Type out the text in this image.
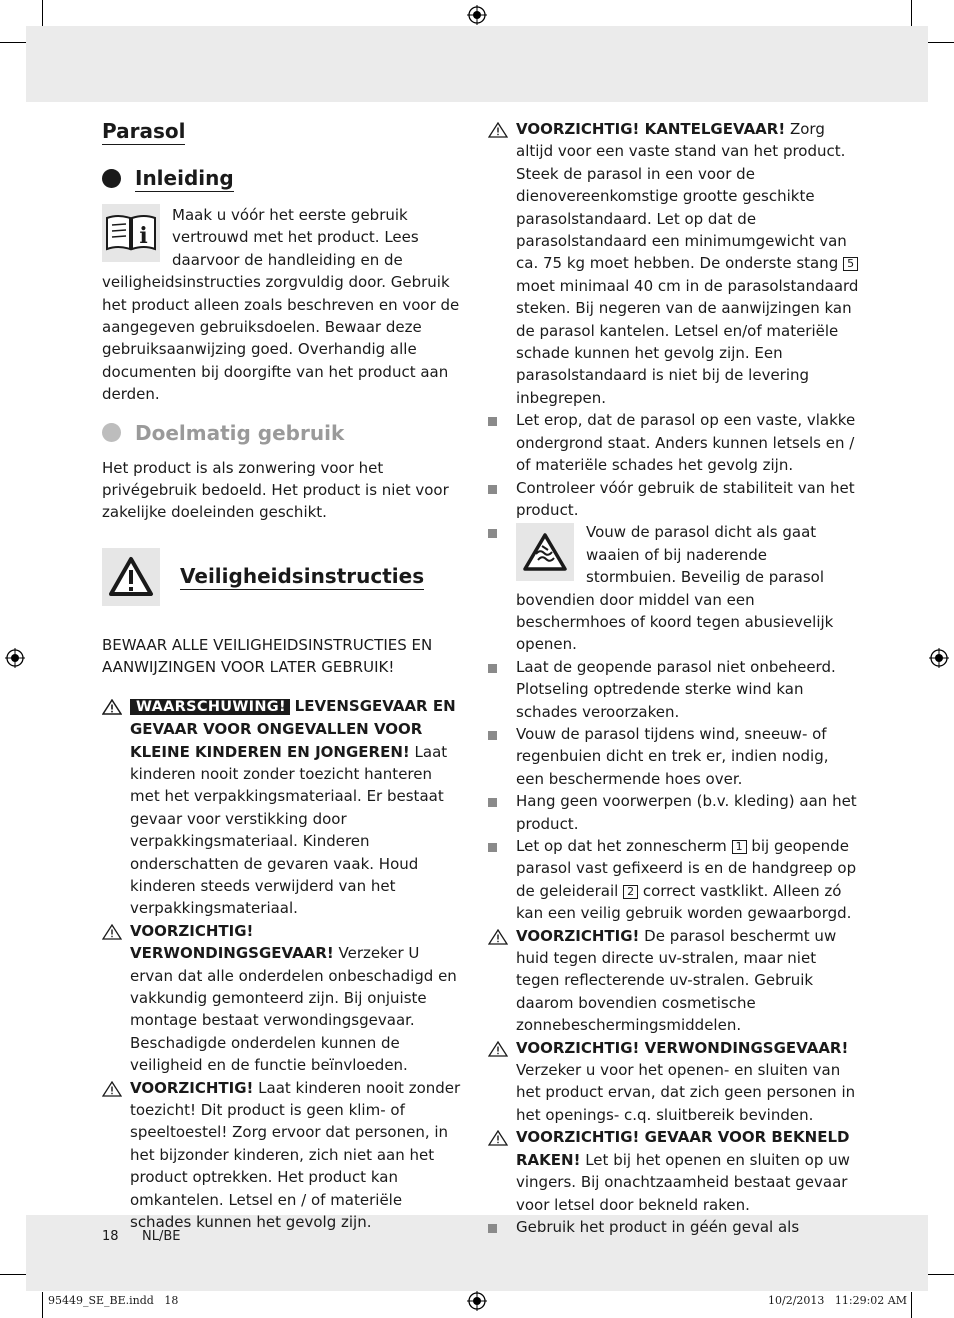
Parasol
Inleiding
i

Maak u vóór het eerste gebruik vertrouwd met het product. Lees daarvoor de handleiding en de veiligheidsinstructies zorgvuldig door. Gebruik het product alleen zoals beschreven en voor de aangegeven gebruiksdoelen. Bewaar deze gebruiksaanwijzing goed. Overhandig alle documenten bij doorgifte van het product aan derden.

Doelmatig gebruik

Het product is als zonwering voor het privégebruik bedoeld. Het product is niet voor zakelijke doeleinden geschikt.

Veiligheidsinstructies

BEWAAR ALLE VEILIGHEIDSINSTRUCTIES EN AANWIJZINGEN VOOR LATER GEBRUIK!

WAARSCHUWING! LEVENSGEVAAR EN GEVAAR VOOR ONGEVALLEN VOOR KLEINE KINDEREN EN JONGEREN! Laat kinderen nooit zonder toezicht hanteren met het verpakkingsmateriaal. Er bestaat gevaar voor verstikking door verpakkingsmateriaal. Kinderen onderschatten de gevaren vaak. Houd kinderen steeds verwijderd van het verpakkingsmateriaal.
VOORZICHTIG! VERWONDINGSGEVAAR! Verzeker U ervan dat alle onderdelen onbeschadigd en vakkundig gemonteerd zijn. Bij onjuiste montage bestaat verwondingsgevaar. Beschadigde onderdelen kunnen de veiligheid en de functie beïnvloeden.
VOORZICHTIG! Laat kinderen nooit zonder toezicht! Dit product is geen klim- of speeltoestel! Zorg ervoor dat personen, in het bijzonder kinderen, zich niet aan het product optrekken. Het product kan omkantelen. Letsel en / of materiële schades kunnen het gevolg zijn.
VOORZICHTIG! KANTELGEVAAR! Zorg altijd voor een vaste stand van het product. Steek de parasol in een voor de dienovereenkomstige grootte geschikte parasolstandaard. Let op dat de parasolstandaard een minimumgewicht van ca. 75 kg moet hebben. De onderste stang 5 moet minimaal 40 cm in de parasolstandaard steken. Bij negeren van de aanwijzingen kan de parasol kantelen. Letsel en/of materiële schade kunnen het gevolg zijn. Een parasolstandaard is niet bij de levering inbegrepen.
Let erop, dat de parasol op een vaste, vlakke ondergrond staat. Anders kunnen letsels en / of materiële schades het gevolg zijn.
Controleer vóór gebruik de stabiliteit van het product.
Vouw de parasol dicht als gaat waaien of bij naderende stormbuien. Beveilig de parasol bovendien door middel van een beschermhoes of koord tegen abusievelijk openen.
Laat de geopende parasol niet onbeheerd. Plotseling optredende sterke wind kan schades veroorzaken.
Vouw de parasol tijdens wind, sneeuw- of regenbuien dicht en trek er, indien nodig, een beschermende hoes over.
Hang geen voorwerpen (b.v. kleding) aan het product.
Let op dat het zonnescherm 1 bij geopende parasol vast gefixeerd is en de handgreep op de geleiderail 2 correct vastklikt. Alleen zó kan een veilig gebruik worden gewaarborgd.
VOORZICHTIG! De parasol beschermt uw huid tegen directe uv-stralen, maar niet tegen reflecterende uv-stralen. Gebruik daarom bovendien cosmetische zonnebeschermingsmiddelen.
VOORZICHTIG! VERWONDINGSGEVAAR! Verzeker u voor het openen- en sluiten van het product ervan, dat zich geen personen in het openings- c.q. sluitbereik bevinden.
VOORZICHTIG! GEVAAR VOOR BEKNELD RAKEN! Let bij het openen en sluiten op uw vingers. Bij onachtzaamheid bestaat gevaar voor letsel door bekneld raken.
Gebruik het product in géén geval als
18 NL/BE
95449_SE_BE.indd   18	10/2/2013   11:29:02 AM
